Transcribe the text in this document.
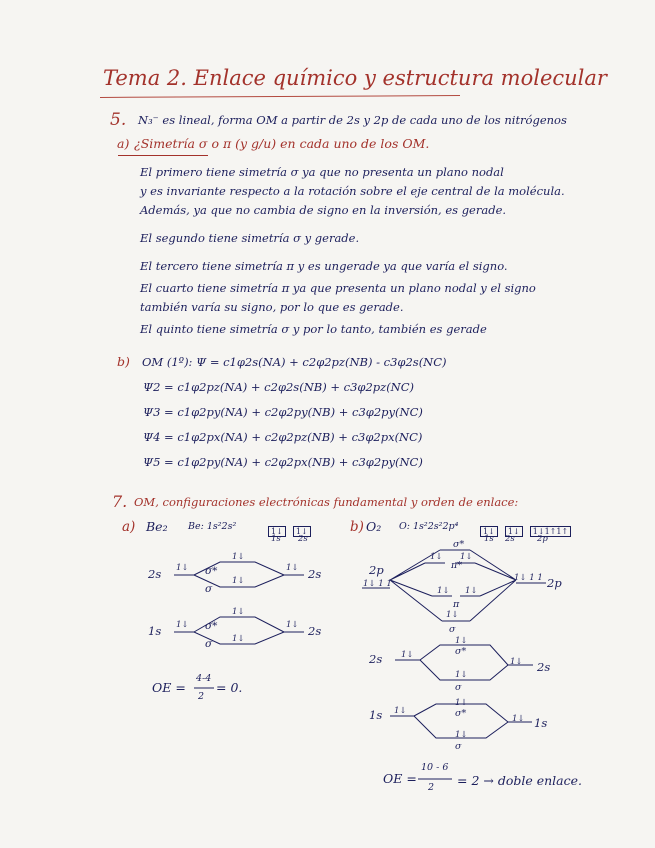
Tema 2. Enlace químico y estructura molecular
5. N₃⁻ es lineal, forma OM a partir de 2s y 2p de cada uno de los nitrógenos
a) ¿Simetría σ o π (y g/u) en cada uno de los OM.
El primero tiene simetría σ ya que no presenta un plano nodal
y es invariante respecto a la rotación sobre el eje central de la molécula.
Además, ya que no cambia de signo en la inversión, es gerade.
El segundo tiene simetría σ y gerade.
El tercero tiene simetría π y es ungerade ya que varía el signo.
El cuarto tiene simetría π ya que presenta un plano nodal y el signo
también varía su signo, por lo que es gerade.
El quinto tiene simetría σ y por lo tanto, también es gerade
b) OM (1º): Ψ = c1φ2s(NA) + c2φ2pz(NB) - c3φ2s(NC)
Ψ2 = c1φ2pz(NA) + c2φ2s(NB) + c3φ2pz(NC)
Ψ3 = c1φ2py(NA) + c2φ2py(NB) + c3φ2py(NC)
Ψ4 = c1φ2px(NA) + c2φ2pz(NB) + c3φ2px(NC)
Ψ5 = c1φ2py(NA) + c2φ2px(NB) + c3φ2py(NC)
7. OM, configuraciones electrónicas fundamental y orden de enlace:
a) Be₂ Be: 1s²2s²	1↓ 1↓
1s 2s
2s	2s
1s	2s
1↓	1↓
1↓
1↓
1↓	1↓
1↓
1↓
σ*
σ
σ*
σ
OE =
4-4
2
= 0.
b) O₂ O: 1s²2s²2p⁴	1↓ 1↓ 1↓1↑1↑
1s 2s	2p
2p
1↓ 1 1
1↓ 1 1 2p
σ*
1↓ 1↓
π*
1↓ 1↓
π
1↓
σ
2s 1↓
1↓ 2s
1↓
σ*
1↓
σ
1s 1↓
1↓ 1s
1↓
σ*
1↓
σ
OE =
10 - 6
2 = 2 → doble enlace.
